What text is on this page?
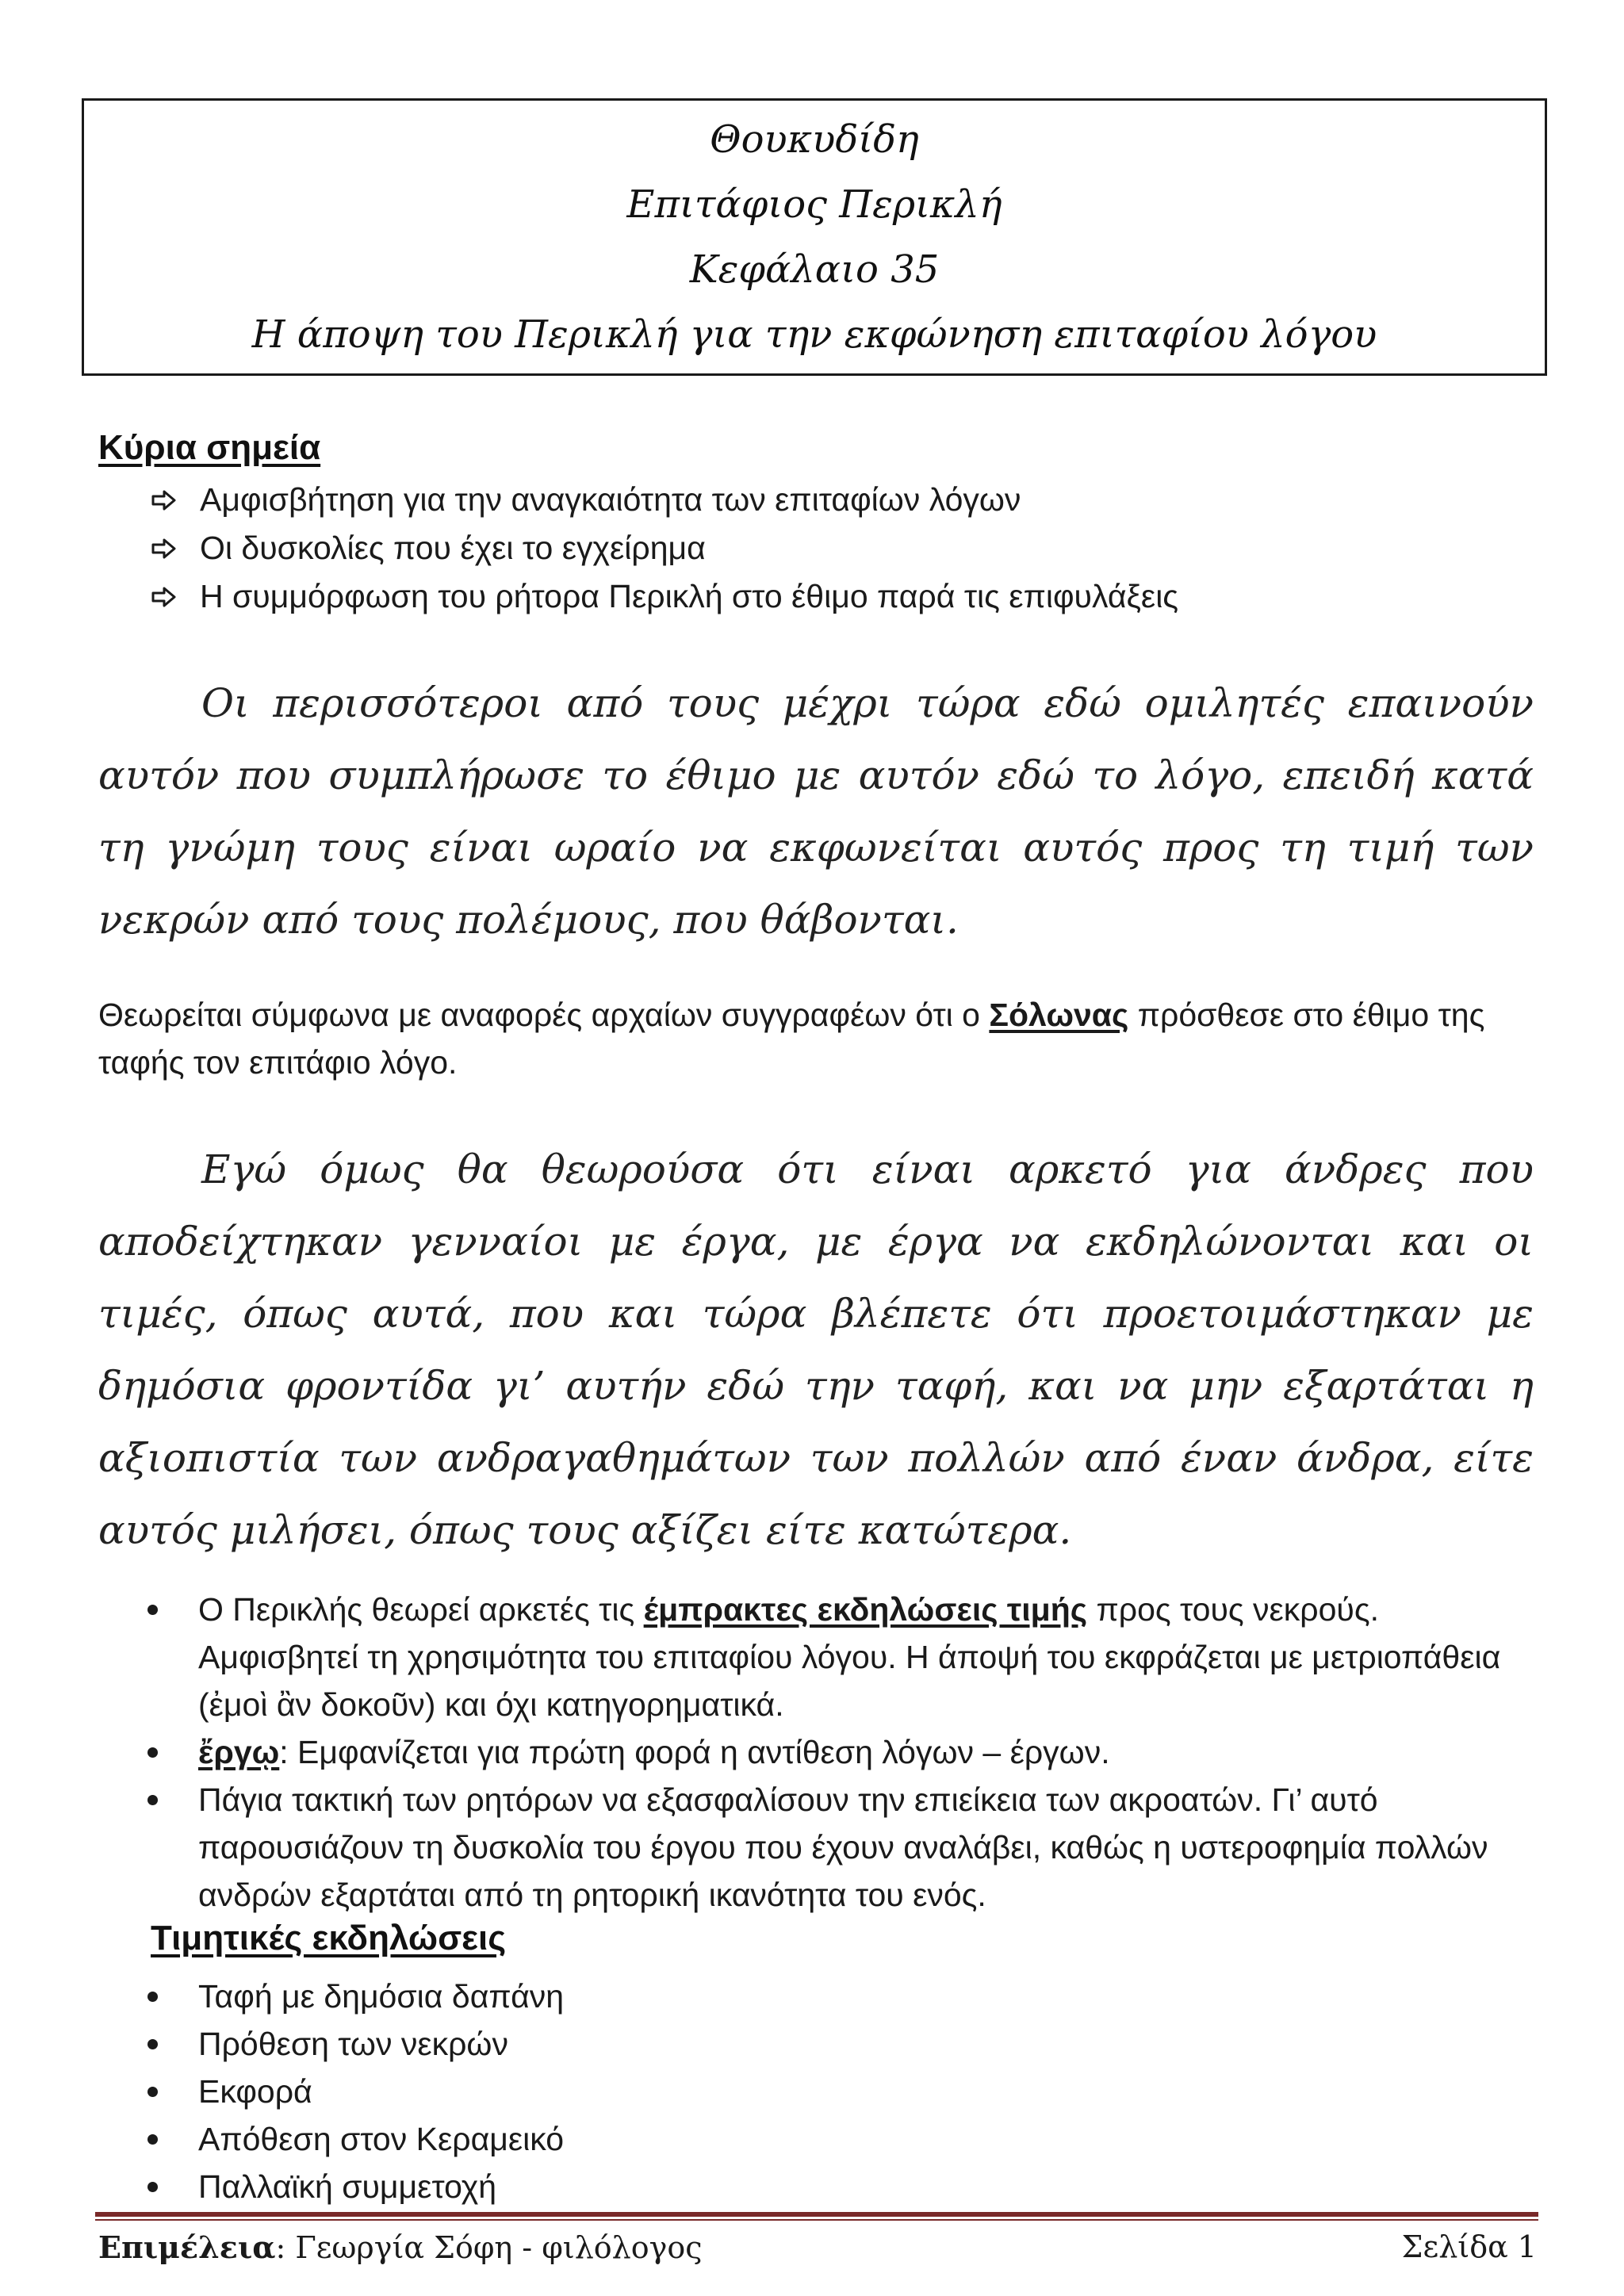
Θουκυδίδη
Επιτάφιος Περικλή
Κεφάλαιο 35
Η άποψη του Περικλή για την εκφώνηση επιταφίου λόγου
Κύρια σημεία
Αμφισβήτηση για την αναγκαιότητα των επιταφίων λόγων
Οι δυσκολίες που έχει το εγχείρημα
Η συμμόρφωση του ρήτορα Περικλή στο έθιμο παρά τις επιφυλάξεις

Οι περισσότεροι από τους μέχρι τώρα εδώ ομιλητές επαινούν αυτόν που συμπλήρωσε το έθιμο με αυτόν εδώ το λόγο, επειδή κατά τη γνώμη τους είναι ωραίο να εκφωνείται αυτός προς τη τιμή των νεκρών από τους πολέμους, που θάβονται.

Θεωρείται σύμφωνα με αναφορές αρχαίων συγγραφέων ότι ο Σόλωνας πρόσθεσε στο έθιμο της ταφής τον επιτάφιο λόγο.

Εγώ όμως θα θεωρούσα ότι είναι αρκετό για άνδρες που αποδείχτηκαν γενναίοι με έργα, με έργα να εκδηλώνονται και οι τιμές, όπως αυτά, που και τώρα βλέπετε ότι προετοιμάστηκαν με δημόσια φροντίδα γι’ αυτήν εδώ την ταφή, και να μην εξαρτάται η αξιοπιστία των ανδραγαθημάτων των πολλών από έναν άνδρα, είτε αυτός μιλήσει, όπως τους αξίζει είτε κατώτερα.

Ο Περικλής θεωρεί αρκετές τις έμπρακτες εκδηλώσεις τιμής προς τους νεκρούς. Αμφισβητεί τη χρησιμότητα του επιταφίου λόγου. Η άποψή του εκφράζεται με μετριοπάθεια (ἐμοὶ ἂν δοκοῦν) και όχι κατηγορηματικά.
ἔργῳ: Εμφανίζεται για πρώτη φορά η αντίθεση λόγων – έργων.
Πάγια τακτική των ρητόρων να εξασφαλίσουν την επιείκεια των ακροατών. Γι’ αυτό παρουσιάζουν τη δυσκολία του έργου που έχουν αναλάβει, καθώς η υστεροφημία πολλών ανδρών εξαρτάται από τη ρητορική ικανότητα του ενός.
Τιμητικές εκδηλώσεις
Ταφή με δημόσια δαπάνη
Πρόθεση των νεκρών
Εκφορά
Απόθεση στον Κεραμεικό
Παλλαϊκή συμμετοχή
Επιμέλεια: Γεωργία Σόφη - φιλόλογος	Σελίδα 1
